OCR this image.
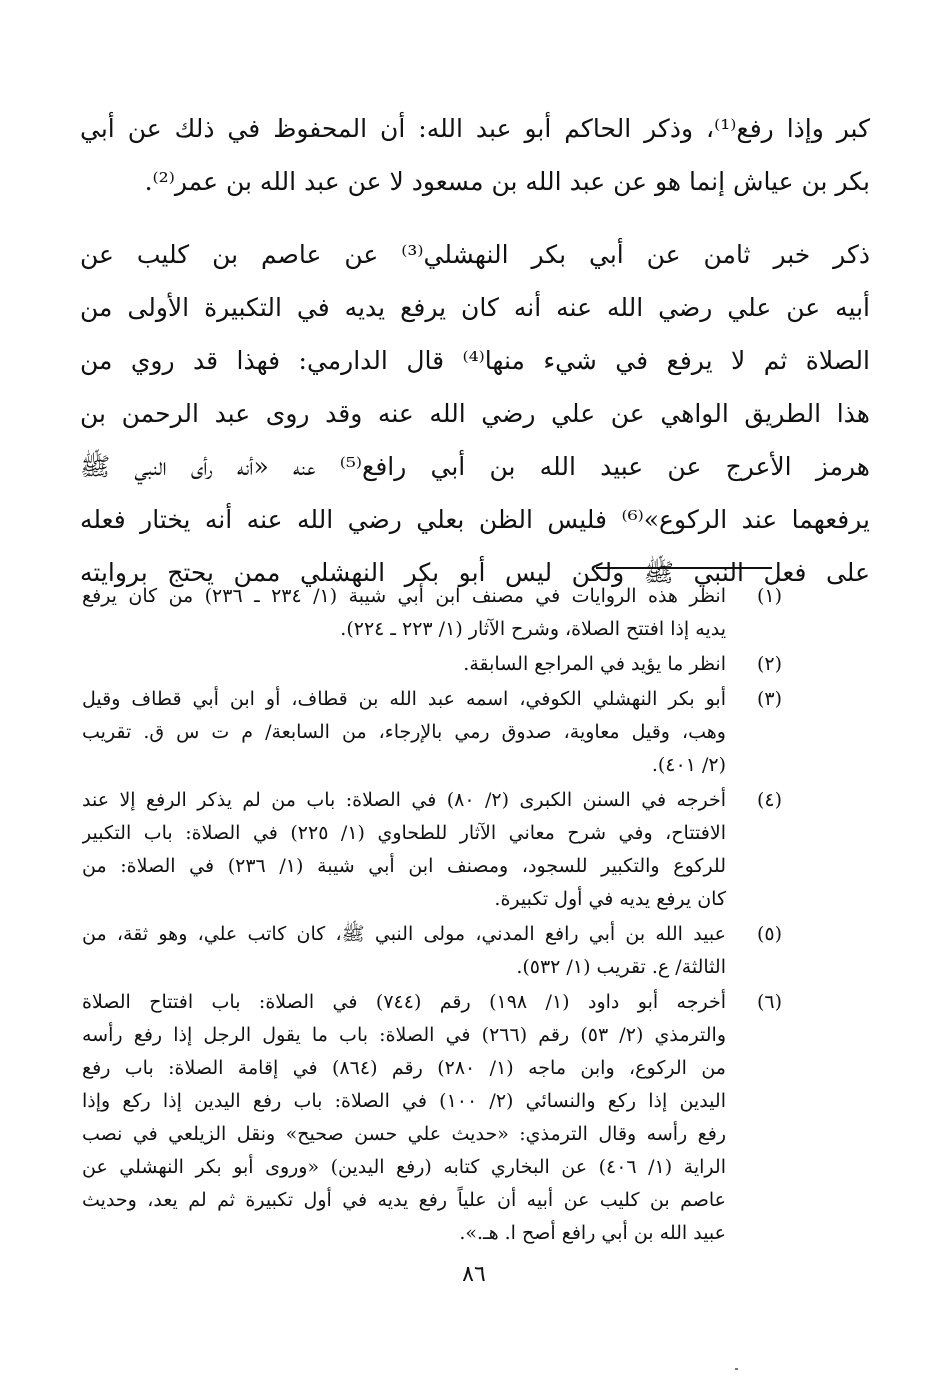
كبر وإذا رفع⁽¹⁾، وذكر الحاكم أبو عبد الله: أن المحفوظ في ذلك عن أبي
بكر بن عياش إنما هو عن عبد الله بن مسعود لا عن عبد الله بن عمر⁽²⁾.
ذكر خبر ثامن عن أبي بكر النهشلي⁽³⁾ عن عاصم بن كليب عن
أبيه عن علي رضي الله عنه أنه كان يرفع يديه في التكبيرة الأولى من
الصلاة ثم لا يرفع في شيء منها⁽⁴⁾ قال الدارمي: فهذا قد روي من
هذا الطريق الواهي عن علي رضي الله عنه وقد روى عبد الرحمن بن
هرمز الأعرج عن عبيد الله بن أبي رافع⁽⁵⁾ عنه «أنه رأى النبي ﷺ
يرفعهما عند الركوع»⁽⁶⁾ فليس الظن بعلي رضي الله عنه أنه يختار فعله
على فعل النبي ﷺ ولكن ليس أبو بكر النهشلي ممن يحتج بروايته
(١)
انظر هذه الروايات في مصنف ابن أبي شيبة (١/ ٢٣٤ ـ ٢٣٦) من كان يرفع
يديه إذا افتتح الصلاة، وشرح الآثار (١/ ٢٢٣ ـ ٢٢٤).
(٢)
انظر ما يؤيد في المراجع السابقة.
(٣)
أبو بكر النهشلي الكوفي، اسمه عبد الله بن قطاف، أو ابن أبي قطاف وقيل
وهب، وقيل معاوية، صدوق رمي بالإرجاء، من السابعة/ م ت س ق. تقريب
(٢/ ٤٠١).
(٤)
أخرجه في السنن الكبرى (٢/ ٨٠) في الصلاة: باب من لم يذكر الرفع إلا عند
الافتتاح، وفي شرح معاني الآثار للطحاوي (١/ ٢٢٥) في الصلاة: باب التكبير
للركوع والتكبير للسجود، ومصنف ابن أبي شيبة (١/ ٢٣٦) في الصلاة: من
كان يرفع يديه في أول تكبيرة.
(٥)
عبيد الله بن أبي رافع المدني، مولى النبي ﷺ، كان كاتب علي، وهو ثقة، من
الثالثة/ ع. تقريب (١/ ٥٣٢).
(٦)
أخرجه أبو داود (١/ ١٩٨) رقم (٧٤٤) في الصلاة: باب افتتاح الصلاة
والترمذي (٢/ ٥٣) رقم (٢٦٦) في الصلاة: باب ما يقول الرجل إذا رفع رأسه
من الركوع، وابن ماجه (١/ ٢٨٠) رقم (٨٦٤) في إقامة الصلاة: باب رفع
اليدين إذا ركع والنسائي (٢/ ١٠٠) في الصلاة: باب رفع اليدين إذا ركع وإذا
رفع رأسه وقال الترمذي: «حديث علي حسن صحيح» ونقل الزيلعي في نصب
الراية (١/ ٤٠٦) عن البخاري كتابه (رفع اليدين) «وروى أبو بكر النهشلي عن
عاصم بن كليب عن أبيه أن علياً رفع يديه في أول تكبيرة ثم لم يعد، وحديث
عبيد الله بن أبي رافع أصح ا. هـ.».
٨٦
